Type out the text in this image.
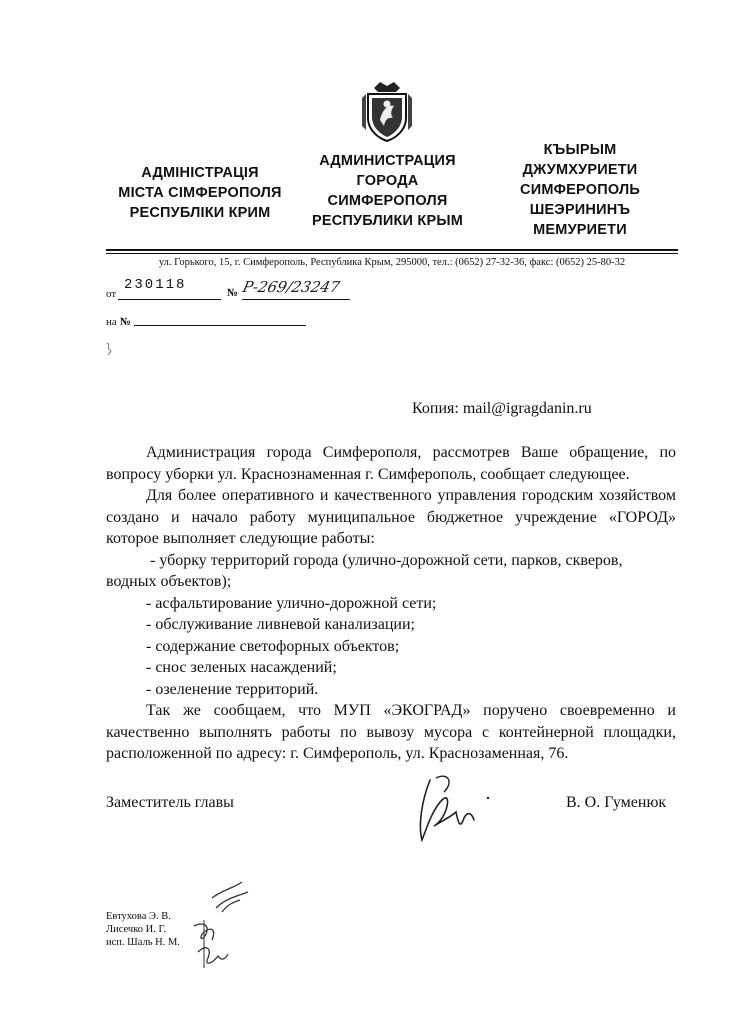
АДМІНІСТРАЦІЯ
МІСТА СІМФЕРОПОЛЯ
РЕСПУБЛІКИ КРИМ
АДМИНИСТРАЦИЯ
ГОРОДА
СИМФЕРОПОЛЯ
РЕСПУБЛИКИ КРЫМ
КЪЫРЫМ
ДЖУМХУРИЕТИ
СИМФЕРОПОЛЬ
ШЕЭРИНИНЪ
МЕМУРИЕТИ
ул. Горького, 15, г. Симферополь, Республика Крым, 295000, тел.: (0652) 27-32-36, факс: (0652) 25-80-32
от
230118	№ Р-269/23247
на №
Копия: mail@igragdanin.ru

Администрация города Симферополя, рассмотрев Ваше обращение, по вопросу уборки ул. Краснознаменная г. Симферополь, сообщает следующее.

Для более оперативного и качественного управления городским хозяйством создано и начало работу муниципальное бюджетное учреждение «ГОРОД» которое выполняет следующие работы:

- уборку территорий города (улично-дорожной сети, парков, скверов, водных объектов);

- асфальтирование улично-дорожной сети;

- обслуживание ливневой канализации;

- содержание светофорных объектов;

- снос зеленых насаждений;

- озеленение территорий.

Так же сообщаем, что МУП «ЭКОГРАД» поручено своевременно и качественно выполнять работы по вывозу мусора с контейнерной площадки, расположенной по адресу: г. Симферополь, ул. Краснозаменная, 76.

Заместитель главы	В. О. Гуменюк
Евтухова Э. В.
Лисечко И. Г.
исп. Шаль Н. М.
